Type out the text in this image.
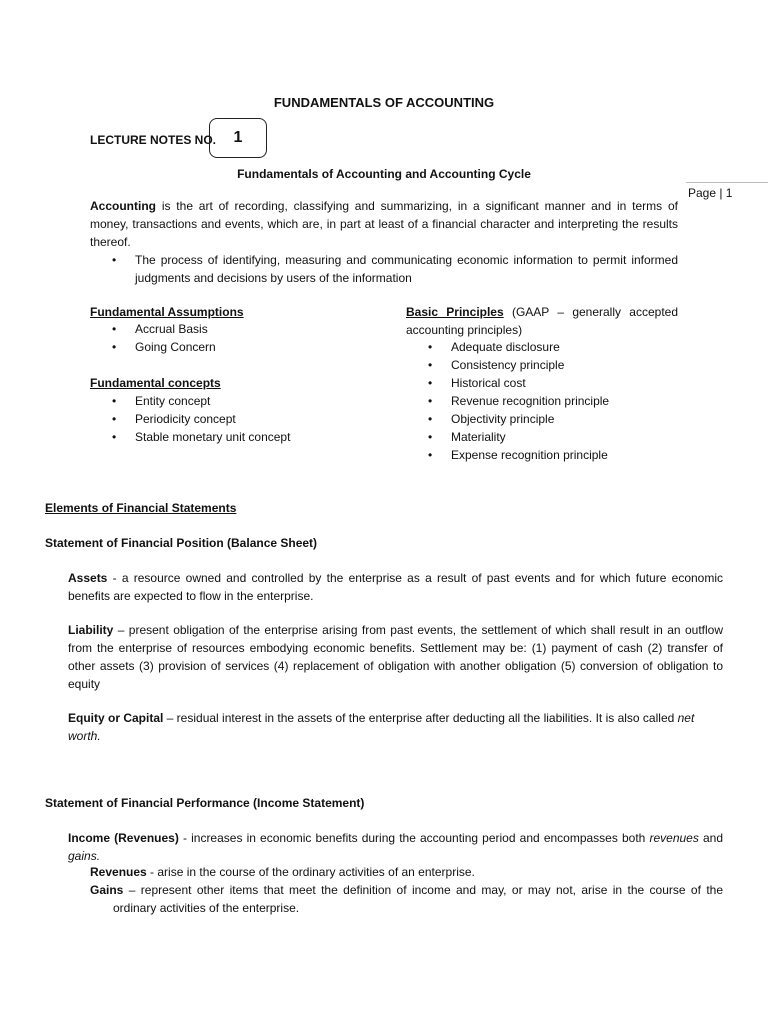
FUNDAMENTALS OF ACCOUNTING
LECTURE NOTES NO. 1
Fundamentals of Accounting and Accounting Cycle
Page | 1
Accounting is the art of recording, classifying and summarizing, in a significant manner and in terms of money, transactions and events, which are, in part at least of a financial character and interpreting the results thereof.
• The process of identifying, measuring and communicating economic information to permit informed judgments and decisions by users of the information
Fundamental Assumptions
• Accrual Basis
• Going Concern
Fundamental concepts
• Entity concept
• Periodicity concept
• Stable monetary unit concept
Basic Principles (GAAP – generally accepted accounting principles)
• Adequate disclosure
• Consistency principle
• Historical cost
• Revenue recognition principle
• Objectivity principle
• Materiality
• Expense recognition principle
Elements of Financial Statements
Statement of Financial Position (Balance Sheet)
Assets - a resource owned and controlled by the enterprise as a result of past events and for which future economic benefits are expected to flow in the enterprise.
Liability – present obligation of the enterprise arising from past events, the settlement of which shall result in an outflow from the enterprise of resources embodying economic benefits. Settlement may be: (1) payment of cash (2) transfer of other assets (3) provision of services (4) replacement of obligation with another obligation (5) conversion of obligation to equity
Equity or Capital – residual interest in the assets of the enterprise after deducting all the liabilities. It is also called net worth.
Statement of Financial Performance (Income Statement)
Income (Revenues) - increases in economic benefits during the accounting period and encompasses both revenues and gains.
Revenues - arise in the course of the ordinary activities of an enterprise.
Gains – represent other items that meet the definition of income and may, or may not, arise in the course of the ordinary activities of the enterprise.
